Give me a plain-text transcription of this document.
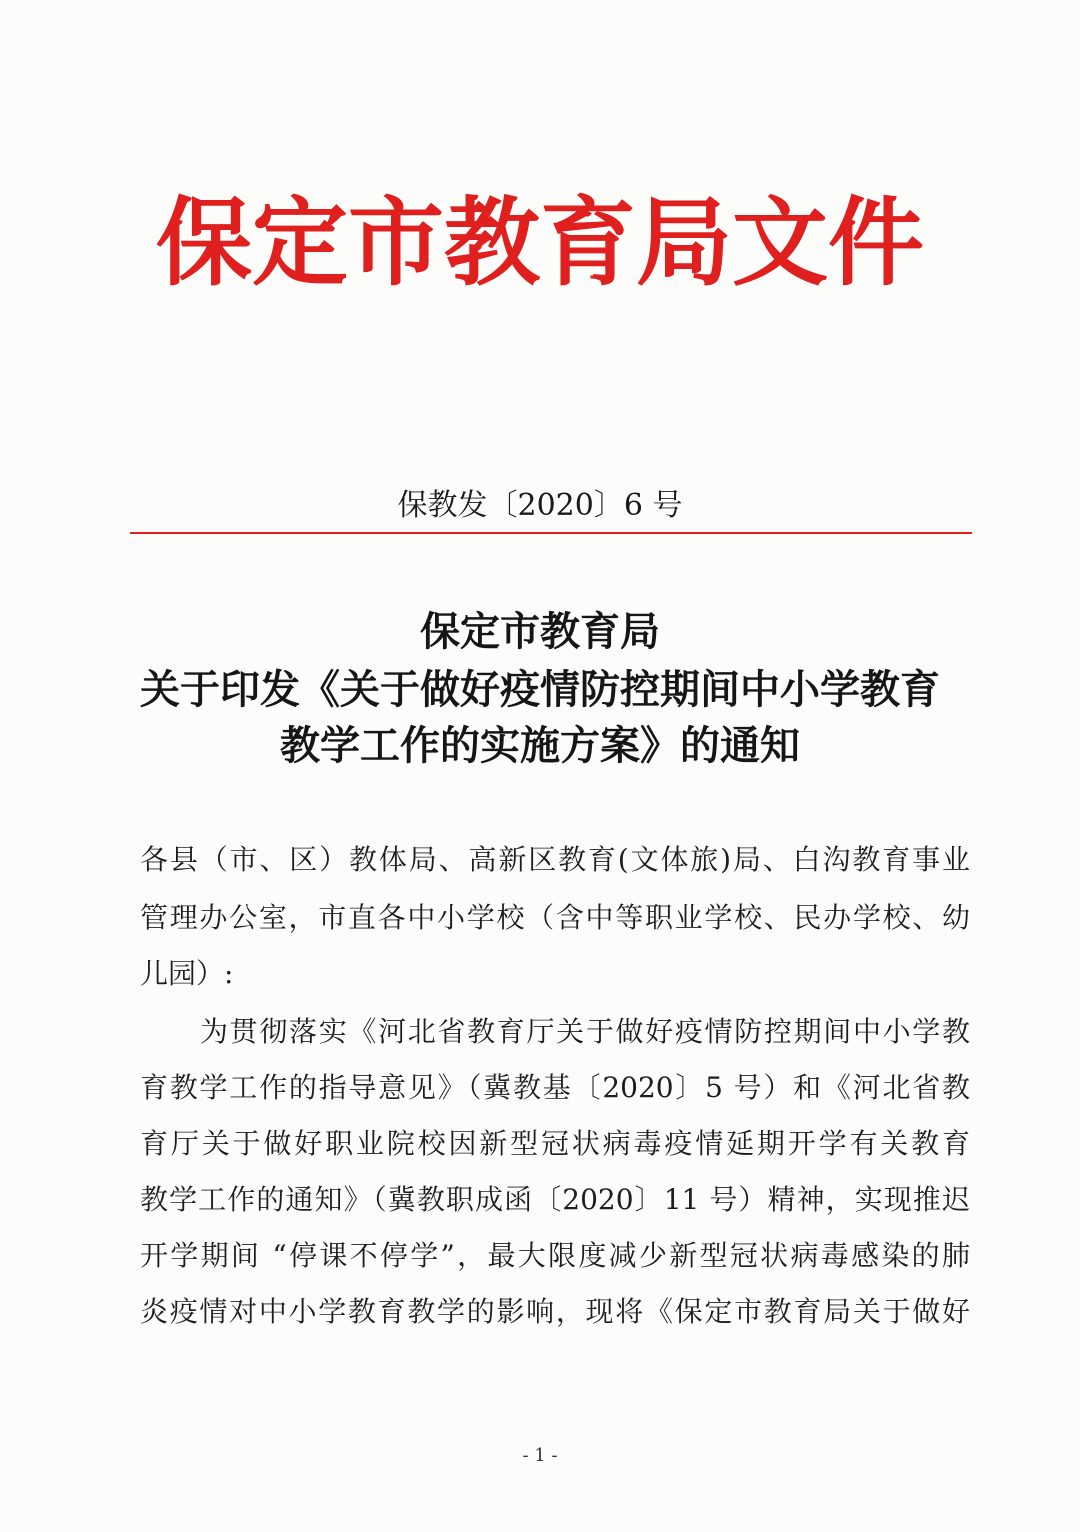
保定市教育局文件
保教发〔2020〕6 号
保定市教育局
关于印发《关于做好疫情防控期间中小学教育
教学工作的实施方案》的通知
各县（市、区）教体局、高新区教育(文体旅)局、白沟教育事业
管理办公室，市直各中小学校（含中等职业学校、民办学校、幼
儿园）:
为贯彻落实《河北省教育厅关于做好疫情防控期间中小学教
育教学工作的指导意见》（冀教基〔2020〕5 号）和《河北省教
育厅关于做好职业院校因新型冠状病毒疫情延期开学有关教育
教学工作的通知》（冀教职成函〔2020〕11 号）精神，实现推迟
开学期间 “停课不停学”，最大限度减少新型冠状病毒感染的肺
炎疫情对中小学教育教学的影响，现将《保定市教育局关于做好
- 1 -
